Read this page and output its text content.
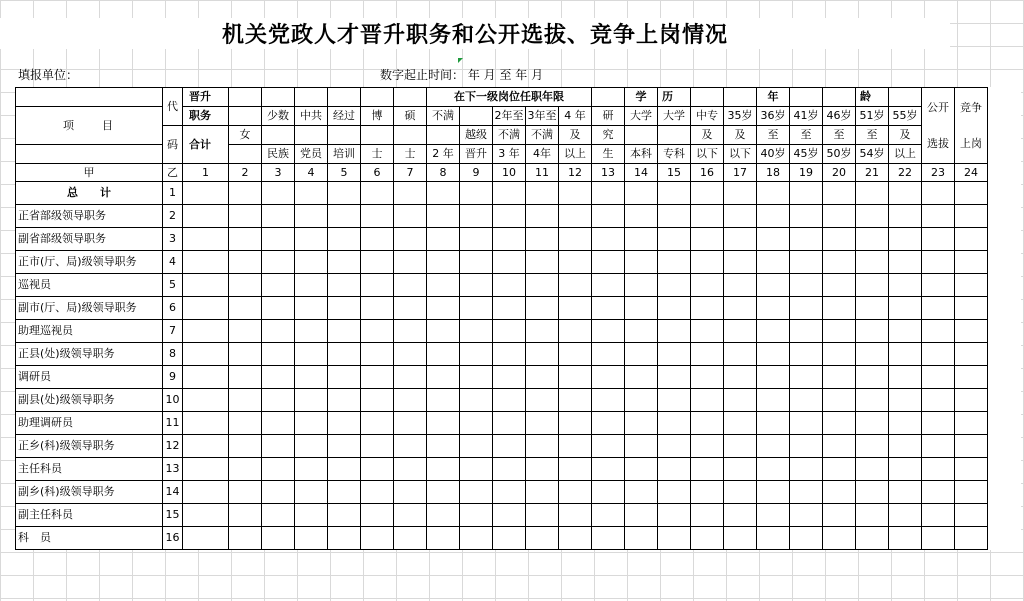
机关党政人才晋升职务和公开选拔、竞争上岗情况
填报单位：	数字起止时间： 年 月 至 年 月
		代	晋升							在下一级岗位任职年限						学	历			年			龄		公开选拔	竞争上岗
项　　目			职务		少数	中共	经过	博	硕	不满		2年至	3年至	4 年	研	大学	大学	中专	35岁	36岁	41岁	46岁	51岁	55岁		
		码	合计	女							越级	不满	不满	及	究			及	及	至	至	至	至	及		
					民族	党员	培训	士	士	2 年	晋升	3 年	4年	以上	生	本科	专科	以下	以下	40岁	45岁	50岁	54岁	以上		
甲		乙	1	2	3	4	5	6	7	8	9	10	11	12	13	14	15	16	17	18	19	20	21	22	23	24
总　　计		1																								
正省部级领导职务		2																								
副省部级领导职务		3																								
正市(厅、局)级领导职务		4																								
巡视员		5																								
副市(厅、局)级领导职务		6																								
助理巡视员		7																								
正县(处)级领导职务		8																								
调研员		9																								
副县(处)级领导职务		10																								
助理调研员		11																								
正乡(科)级领导职务		12																								
主任科员		13																								
副乡(科)级领导职务		14																								
副主任科员		15																								
科　员		16																								
